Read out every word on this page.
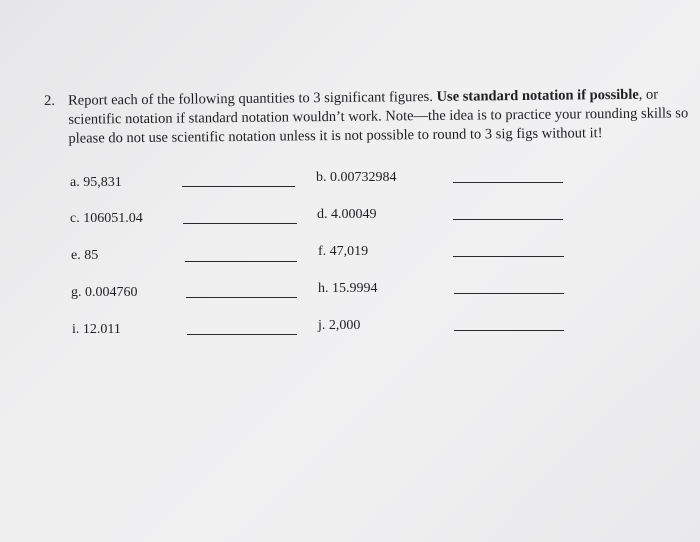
2. Report each of the following quantities to 3 significant figures. Use standard notation if possible, or scientific notation if standard notation wouldn’t work. Note—the idea is to practice your rounding skills so please do not use scientific notation unless it is not possible to round to 3 sig figs without it!
a. 95,831	b. 0.00732984
c. 106051.04	d. 4.00049
e. 85	f. 47,019
g. 0.004760	h. 15.9994
i. 12.011	j. 2,000
